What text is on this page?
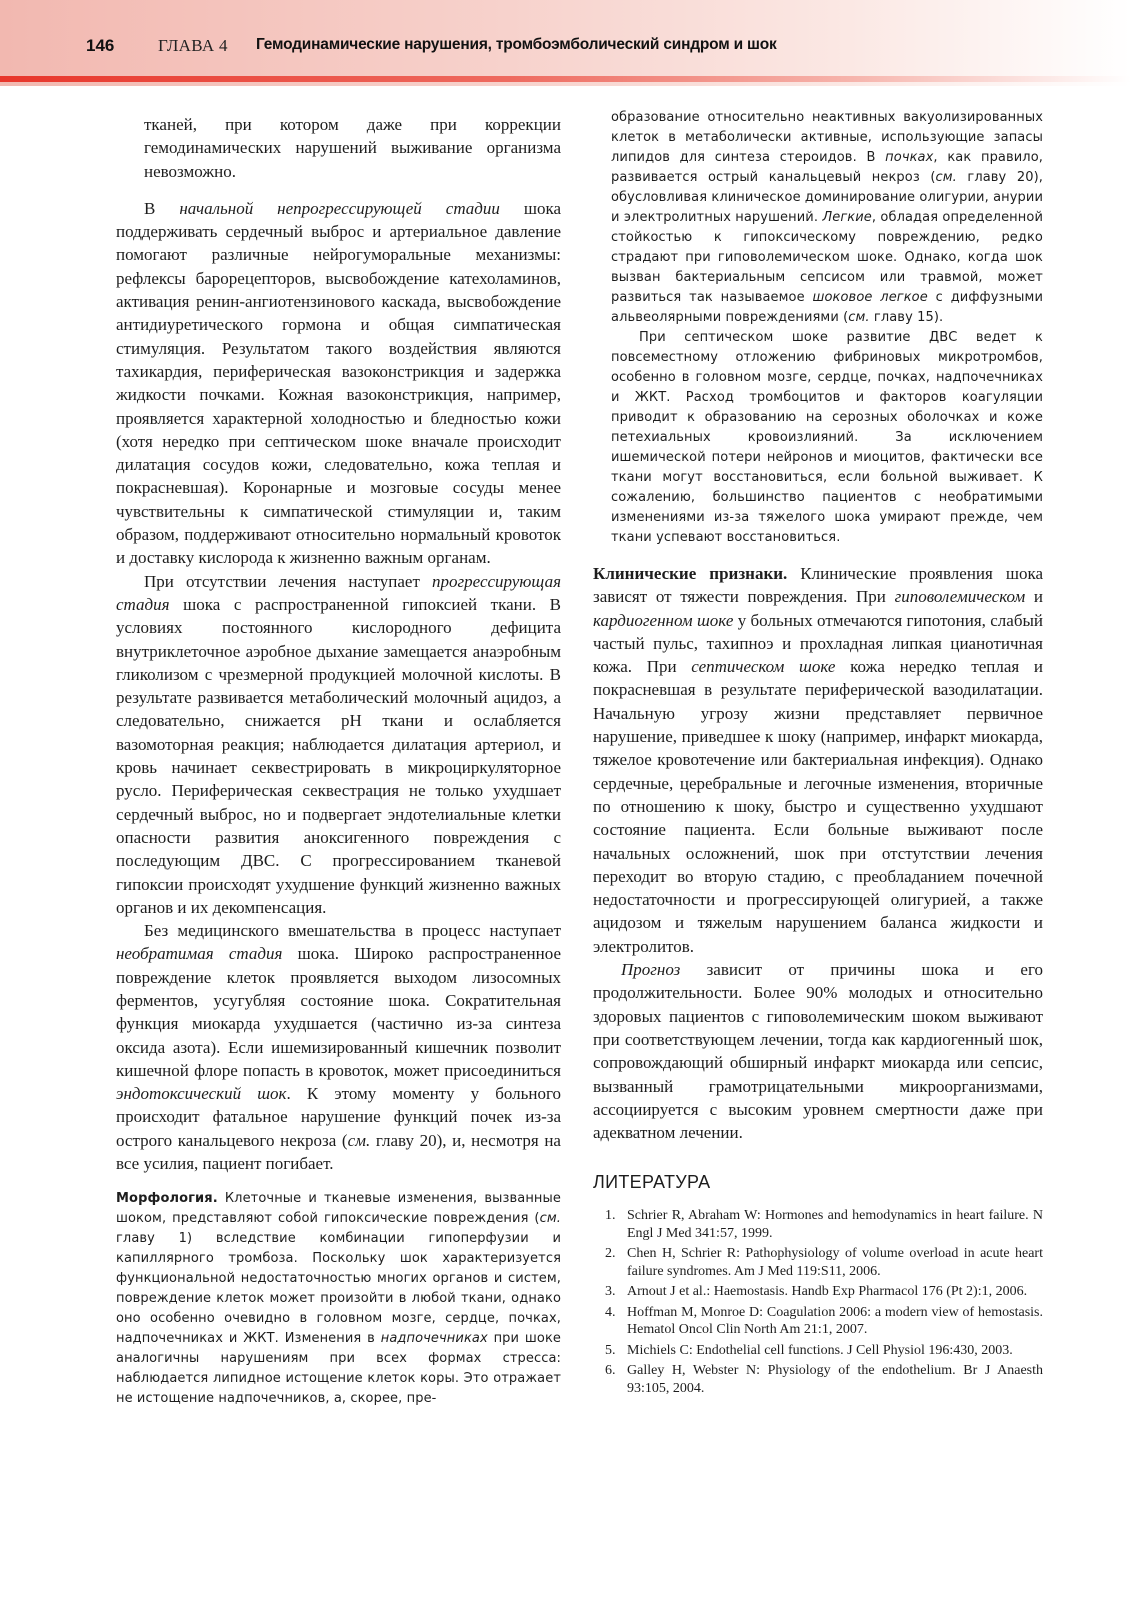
146	ГЛАВА 4 Гемодинамические нарушения, тромбоэмболический синдром и шок

тканей, при котором даже при коррекции гемодинамических нарушений выживание организма невозможно.

В начальной непрогрессирующей стадии шока поддерживать сердечный выброс и артериальное давление помогают различные нейрогуморальные механизмы: рефлексы барорецепторов, высвобождение катехоламинов, активация ренин-ангиотензинового каскада, высвобождение антидиуретического гормона и общая симпатическая стимуляция. Результатом такого воздействия являются тахикардия, периферическая вазоконстрикция и задержка жидкости почками. Кожная вазоконстрикция, например, проявляется характерной холодностью и бледностью кожи (хотя нередко при септическом шоке вначале происходит дилатация сосудов кожи, следовательно, кожа теплая и покрасневшая). Коронарные и мозговые сосуды менее чувствительны к симпатической стимуляции и, таким образом, поддерживают относительно нормальный кровоток и доставку кислорода к жизненно важным органам.

При отсутствии лечения наступает прогрессирующая стадия шока с распространенной гипоксией ткани. В условиях постоянного кислородного дефицита внутриклеточное аэробное дыхание замещается анаэробным гликолизом с чрезмерной продукцией молочной кислоты. В результате развивается метаболический молочный ацидоз, а следовательно, снижается pH ткани и ослабляется вазомоторная реакция; наблюдается дилатация артериол, и кровь начинает секвестрировать в микроциркуляторное русло. Периферическая секвестрация не только ухудшает сердечный выброс, но и подвергает эндотелиальные клетки опасности развития аноксигенного повреждения с последующим ДВС. С прогрессированием тканевой гипоксии происходят ухудшение функций жизненно важных органов и их декомпенсация.

Без медицинского вмешательства в процесс наступает необратимая стадия шока. Широко распространенное повреждение клеток проявляется выходом лизосомных ферментов, усугубляя состояние шока. Сократительная функция миокарда ухудшается (частично из-за синтеза оксида азота). Если ишемизированный кишечник позволит кишечной флоре попасть в кровоток, может присоединиться эндотоксический шок. К этому моменту у больного происходит фатальное нарушение функций почек из-за острого канальцевого некроза (см. главу 20), и, несмотря на все усилия, пациент погибает.

Морфология. Клеточные и тканевые изменения, вызванные шоком, представляют собой гипоксические повреждения (см. главу 1) вследствие комбинации гипоперфузии и капиллярного тромбоза. Поскольку шок характеризуется функциональной недостаточностью многих органов и систем, повреждение клеток может произойти в любой ткани, однако оно особенно очевидно в головном мозге, сердце, почках, надпочечниках и ЖКТ. Изменения в надпочечниках при шоке аналогичны нарушениям при всех формах стресса: наблюдается липидное истощение клеток коры. Это отражает не истощение надпочечников, а, скорее, пре-

образование относительно неактивных вакуолизированных клеток в метаболически активные, использующие запасы липидов для синтеза стероидов. В почках, как правило, развивается острый канальцевый некроз (см. главу 20), обусловливая клиническое доминирование олигурии, анурии и электролитных нарушений. Легкие, обладая определенной стойкостью к гипоксическому повреждению, редко страдают при гиповолемическом шоке. Однако, когда шок вызван бактериальным сепсисом или травмой, может развиться так называемое шоковое легкое с диффузными альвеолярными повреждениями (см. главу 15).

При септическом шоке развитие ДВС ведет к повсеместному отложению фибриновых микротромбов, особенно в головном мозге, сердце, почках, надпочечниках и ЖКТ. Расход тромбоцитов и факторов коагуляции приводит к образованию на серозных оболочках и коже петехиальных кровоизлияний. За исключением ишемической потери нейронов и миоцитов, фактически все ткани могут восстановиться, если больной выживает. К сожалению, большинство пациентов с необратимыми изменениями из-за тяжелого шока умирают прежде, чем ткани успевают восстановиться.

Клинические признаки. Клинические проявления шока зависят от тяжести повреждения. При гиповолемическом и кардиогенном шоке у больных отмечаются гипотония, слабый частый пульс, тахипноэ и прохладная липкая цианотичная кожа. При септическом шоке кожа нередко теплая и покрасневшая в результате периферической вазодилатации. Начальную угрозу жизни представляет первичное нарушение, приведшее к шоку (например, инфаркт миокарда, тяжелое кровотечение или бактериальная инфекция). Однако сердечные, церебральные и легочные изменения, вторичные по отношению к шоку, быстро и существенно ухудшают состояние пациента. Если больные выживают после начальных осложнений, шок при отстутствии лечения переходит во вторую стадию, с преобладанием почечной недостаточности и прогрессирующей олигурией, а также ацидозом и тяжелым нарушением баланса жидкости и электролитов.

Прогноз зависит от причины шока и его продолжительности. Более 90% молодых и относительно здоровых пациентов с гиповолемическим шоком выживают при соответствующем лечении, тогда как кардиогенный шок, сопровождающий обширный инфаркт миокарда или сепсис, вызванный грамотрицательными микроорганизмами, ассоциируется с высоким уровнем смертности даже при адекватном лечении.

ЛИТЕРАТУРА
1. Schrier R, Abraham W: Hormones and hemodynamics in heart failure. N Engl J Med 341:57, 1999.
2. Chen H, Schrier R: Pathophysiology of volume overload in acute heart failure syndromes. Am J Med 119:S11, 2006.
3. Arnout J et al.: Haemostasis. Handb Exp Pharmacol 176 (Pt 2):1, 2006.
4. Hoffman M, Monroe D: Coagulation 2006: a modern view of hemostasis. Hematol Oncol Clin North Am 21:1, 2007.
5. Michiels C: Endothelial cell functions. J Cell Physiol 196:430, 2003.
6. Galley H, Webster N: Physiology of the endothelium. Br J Anaesth 93:105, 2004.
